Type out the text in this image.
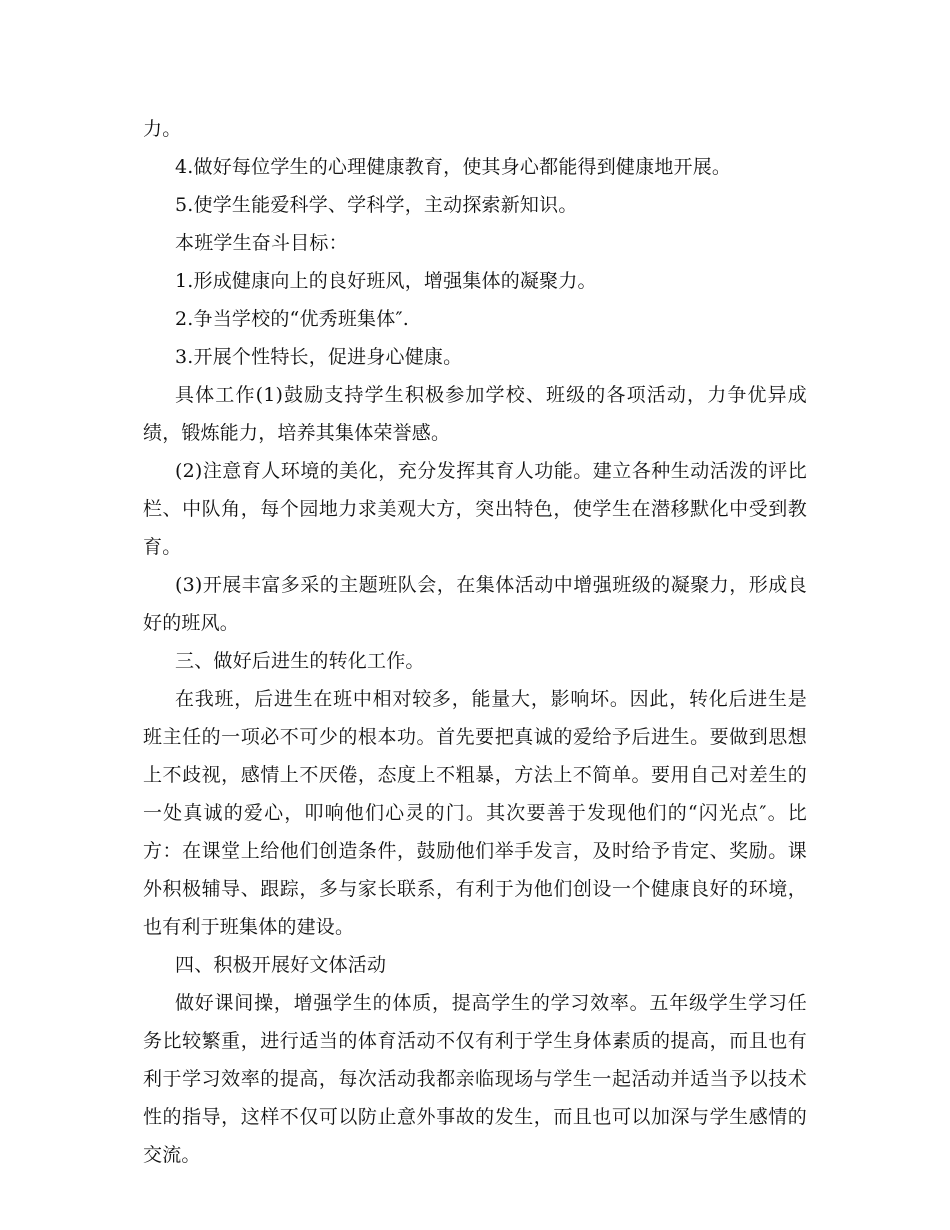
力。

4.做好每位学生的心理健康教育，使其身心都能得到健康地开展。

5.使学生能爱科学、学科学，主动探索新知识。

本班学生奋斗目标：

1.形成健康向上的良好班风，增强集体的凝聚力。

2.争当学校的“优秀班集体″.

3.开展个性特长，促进身心健康。

具体工作(1)鼓励支持学生积极参加学校、班级的各项活动，力争优异成绩，锻炼能力，培养其集体荣誉感。

(2)注意育人环境的美化，充分发挥其育人功能。建立各种生动活泼的评比栏、中队角，每个园地力求美观大方，突出特色，使学生在潜移默化中受到教育。

(3)开展丰富多采的主题班队会，在集体活动中增强班级的凝聚力，形成良好的班风。

三、做好后进生的转化工作。

在我班，后进生在班中相对较多，能量大，影响坏。因此，转化后进生是班主任的一项必不可少的根本功。首先要把真诚的爱给予后进生。要做到思想上不歧视，感情上不厌倦，态度上不粗暴，方法上不简单。要用自己对差生的一处真诚的爱心，叩响他们心灵的门。其次要善于发现他们的“闪光点″。比方：在课堂上给他们创造条件，鼓励他们举手发言，及时给予肯定、奖励。课外积极辅导、跟踪，多与家长联系，有利于为他们创设一个健康良好的环境，也有利于班集体的建设。

四、积极开展好文体活动

做好课间操，增强学生的体质，提高学生的学习效率。五年级学生学习任务比较繁重，进行适当的体育活动不仅有利于学生身体素质的提高，而且也有利于学习效率的提高，每次活动我都亲临现场与学生一起活动并适当予以技术性的指导，这样不仅可以防止意外事故的发生，而且也可以加深与学生感情的交流。
